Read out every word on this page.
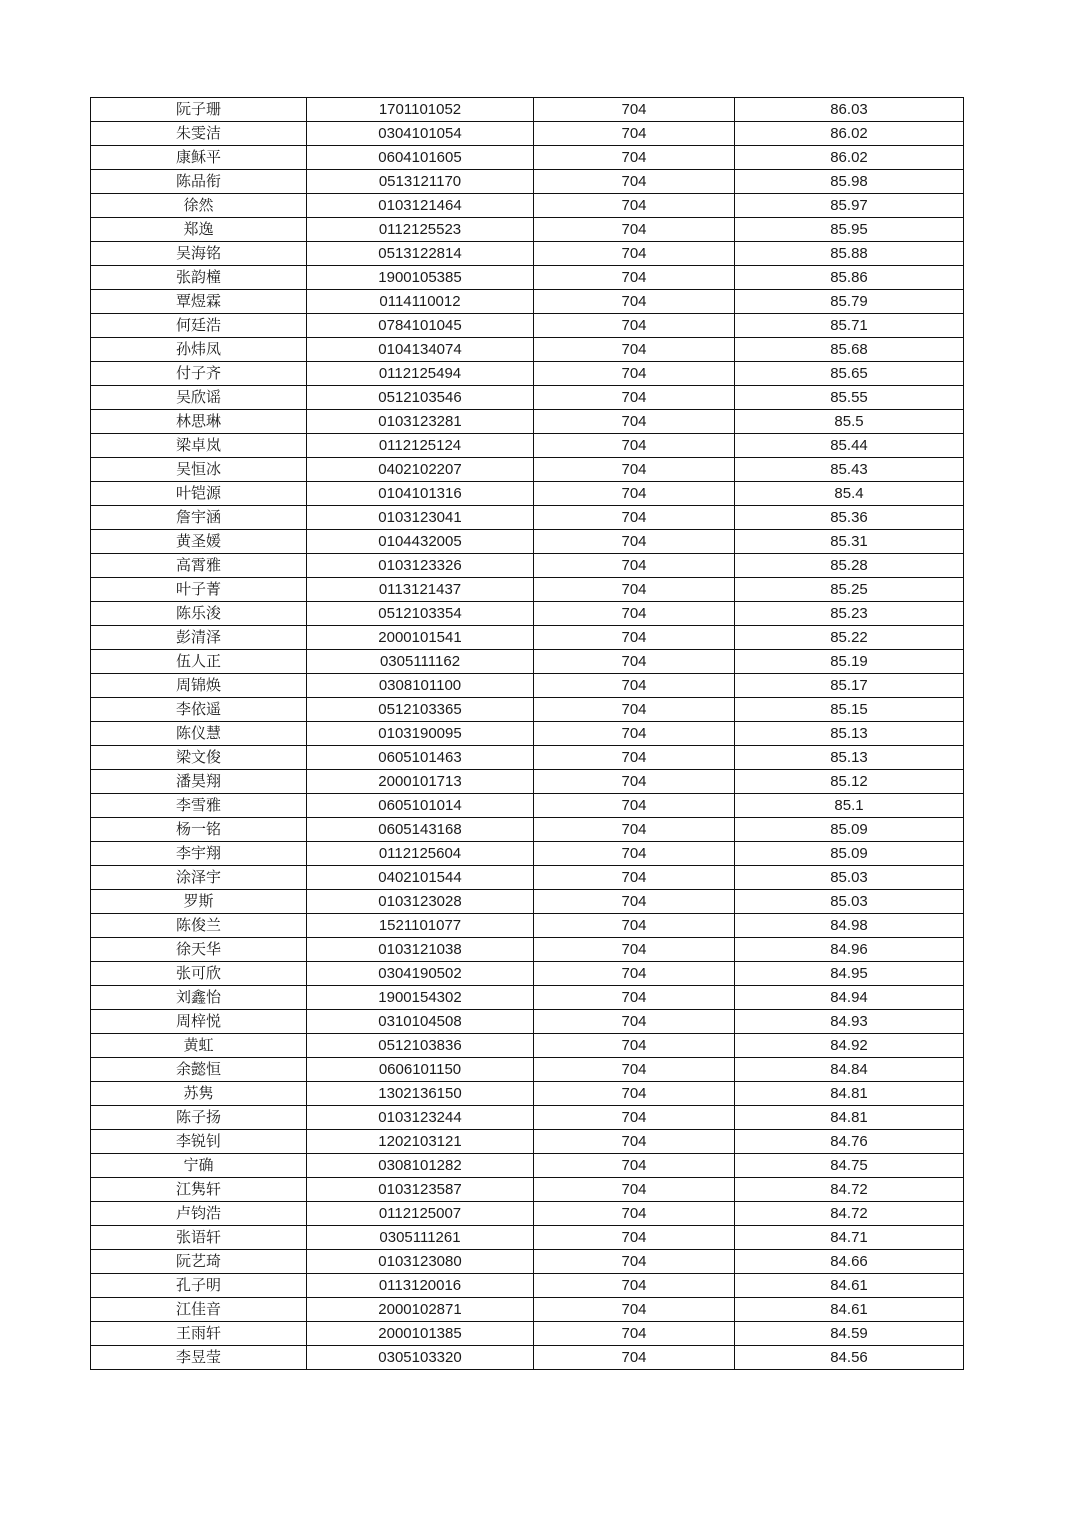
阮子珊	1701101052	704	86.03
朱雯洁	0304101054	704	86.02
康稣平	0604101605	704	86.02
陈品衔	0513121170	704	85.98
徐然	0103121464	704	85.97
郑逸	0112125523	704	85.95
吴海铭	0513122814	704	85.88
张韵橦	1900105385	704	85.86
覃煜霖	0114110012	704	85.79
何廷浩	0784101045	704	85.71
孙炜凤	0104134074	704	85.68
付子齐	0112125494	704	85.65
吴欣谣	0512103546	704	85.55
林思琳	0103123281	704	85.5
梁卓岚	0112125124	704	85.44
吴恒冰	0402102207	704	85.43
叶铠源	0104101316	704	85.4
詹宇涵	0103123041	704	85.36
黄圣媛	0104432005	704	85.31
高霄雅	0103123326	704	85.28
叶子菁	0113121437	704	85.25
陈乐浚	0512103354	704	85.23
彭清泽	2000101541	704	85.22
伍人正	0305111162	704	85.19
周锦焕	0308101100	704	85.17
李依遥	0512103365	704	85.15
陈仪慧	0103190095	704	85.13
梁文俊	0605101463	704	85.13
潘昊翔	2000101713	704	85.12
李雪雅	0605101014	704	85.1
杨一铭	0605143168	704	85.09
李宇翔	0112125604	704	85.09
涂泽宇	0402101544	704	85.03
罗斯	0103123028	704	85.03
陈俊兰	1521101077	704	84.98
徐天华	0103121038	704	84.96
张可欣	0304190502	704	84.95
刘鑫怡	1900154302	704	84.94
周梓悦	0310104508	704	84.93
黄虹	0512103836	704	84.92
余懿恒	0606101150	704	84.84
苏隽	1302136150	704	84.81
陈子扬	0103123244	704	84.81
李锐钊	1202103121	704	84.76
宁确	0308101282	704	84.75
江隽轩	0103123587	704	84.72
卢钧浩	0112125007	704	84.72
张语轩	0305111261	704	84.71
阮艺琦	0103123080	704	84.66
孔子明	0113120016	704	84.61
江佳音	2000102871	704	84.61
王雨轩	2000101385	704	84.59
李昱莹	0305103320	704	84.56
